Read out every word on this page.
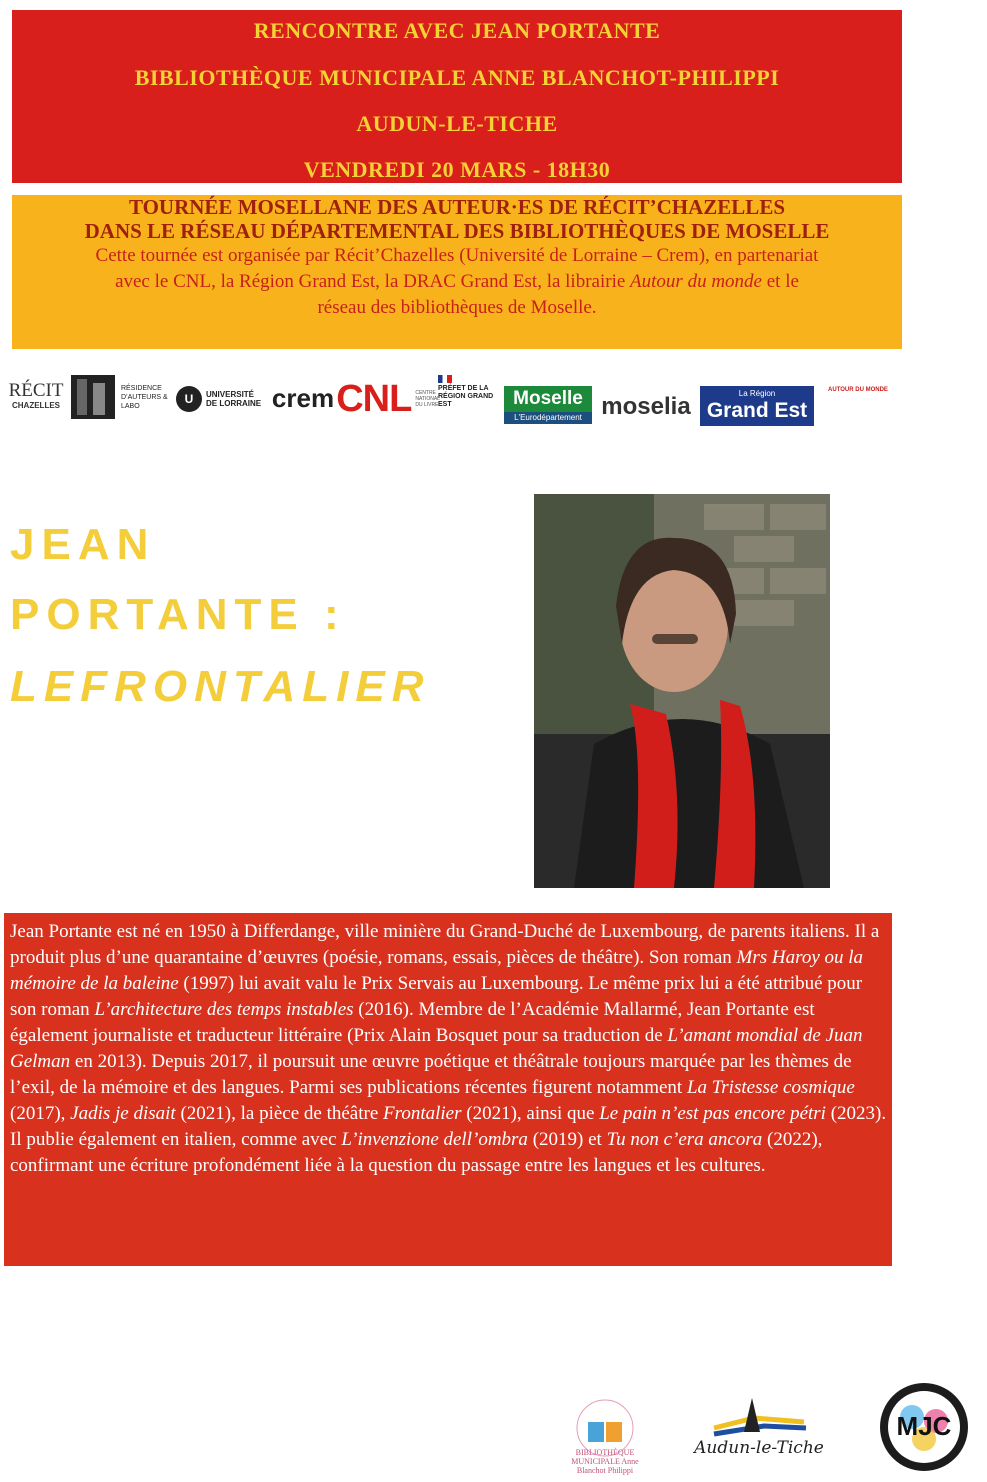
RENCONTRE AVEC JEAN PORTANTE
BIBLIOTHÈQUE MUNICIPALE ANNE BLANCHOT-PHILIPPI
AUDUN-LE-TICHE
VENDREDI 20 MARS - 18H30
TOURNÉE MOSELLANE DES AUTEUR·ES DE RÉCIT’CHAZELLES
DANS LE RÉSEAU DÉPARTEMENTAL DES BIBLIOTHÈQUES DE MOSELLE
Cette tournée est organisée par Récit’Chazelles (Université de Lorraine – Crem), en partenariat
avec le CNL, la Région Grand Est, la DRAC Grand Est, la librairie Autour du monde et le
réseau des bibliothèques de Moselle.
RÉCIT
CHAZELLES
RÉSIDENCE D’AUTEURS & LABO	U	UNIVERSITÉ DE LORRAINE crem CNL CENTRE NATIONAL DU LIVRE
PRÉFET DE LA RÉGION GRAND EST	Moselle
L'Eurodépartement moselia	La Région
Grand Est
AUTOUR DU MONDE
JEAN
PORTANTE :
LEFRONTALIER
Jean Portante est né en 1950 à Differdange, ville minière du Grand-Duché de Luxembourg, de parents italiens. Il a produit plus d’une quarantaine d’œuvres (poésie, romans, essais, pièces de théâtre). Son roman Mrs Haroy ou la mémoire de la baleine (1997) lui avait valu le Prix Servais au Luxembourg. Le même prix lui a été attribué pour son roman L’architecture des temps instables (2016). Membre de l’Académie Mallarmé, Jean Portante est également journaliste et traducteur littéraire (Prix Alain Bosquet pour sa traduction de L’amant mondial de Juan Gelman en 2013). Depuis 2017, il poursuit une œuvre poétique et théâtrale toujours marquée par les thèmes de l’exil, de la mémoire et des langues. Parmi ses publications récentes figurent notamment La Tristesse cosmique (2017), Jadis je disait (2021), la pièce de théâtre Frontalier (2021), ainsi que Le pain n’est pas encore pétri (2023). Il publie également en italien, comme avec L’invenzione dell’ombra (2019) et Tu non c’era ancora (2022), confirmant une écriture profondément liée à la question du passage entre les langues et les cultures.
BIBLIOTHÈQUE MUNICIPALE Anne Blanchot Philippi
Audun-le-Tiche
MJC
